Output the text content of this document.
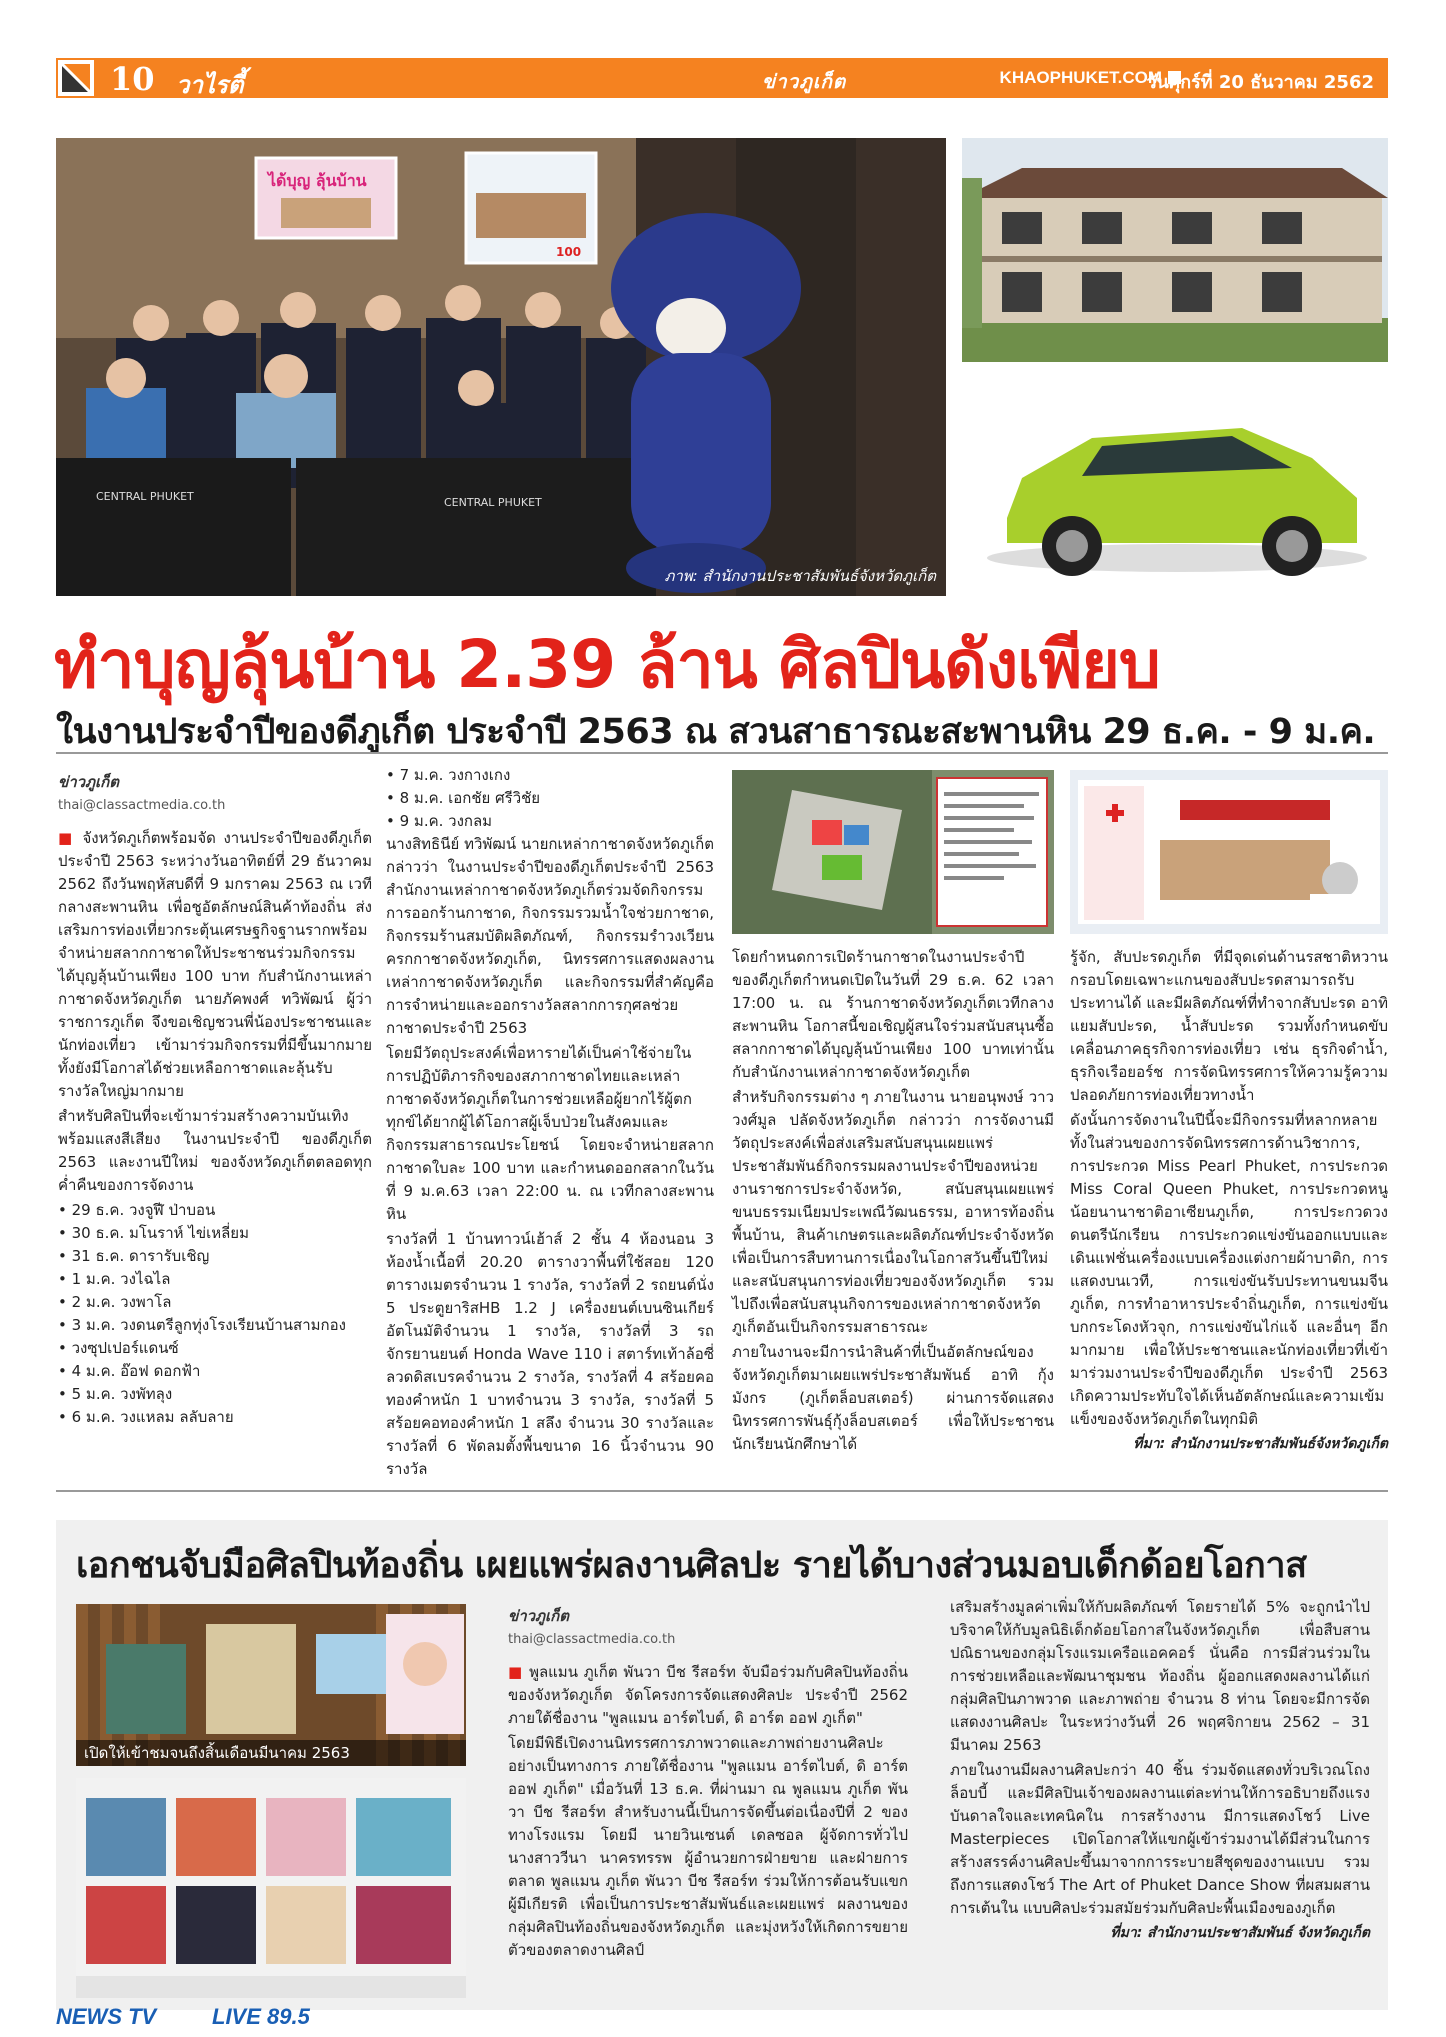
10 วาไรตี้	ข่าวภูเก็ต	KHAOPHUKET.COM
วันศุกร์ที่ 20 ธันวาคม 2562
CENTRAL PHUKET	CENTRAL PHUKET
ได้บุญ ลุ้นบ้าน
100
ภาพ: สำนักงานประชาสัมพันธ์จังหวัดภูเก็ต
ทำบุญลุ้นบ้าน 2.39 ล้าน ศิลปินดังเพียบ
ในงานประจำปีของดีภูเก็ต ประจำปี 2563 ณ สวนสาธารณะสะพานหิน 29 ธ.ค. - 9 ม.ค.
ข่าวภูเก็ต
thai@classactmedia.co.th

■ จังหวัดภูเก็ตพร้อมจัด งานประจำปีของดีภูเก็ต ประจำปี 2563 ระหว่างวันอาทิตย์ที่ 29 ธันวาคม 2562 ถึงวันพฤหัสบดีที่ 9 มกราคม 2563 ณ เวทีกลางสะพานหิน เพื่อชูอัตลักษณ์สินค้าท้องถิ่น ส่งเสริมการท่องเที่ยวกระตุ้นเศรษฐกิจฐานรากพร้อมจำหน่ายสลากกาชาดให้ประชาชนร่วมกิจกรรม ได้บุญลุ้นบ้านเพียง 100 บาท กับสำนักงานเหล่ากาชาดจังหวัดภูเก็ต นายภัคพงศ์ ทวิพัฒน์ ผู้ว่าราชการภูเก็ต จึงขอเชิญชวนพี่น้องประชาชนและนักท่องเที่ยว เข้ามาร่วมกิจกรรมที่มีขึ้นมากมาย ทั้งยังมีโอกาสได้ช่วยเหลือกาชาดและลุ้นรับรางวัลใหญ่มากมาย

สำหรับศิลปินที่จะเข้ามาร่วมสร้างความบันเทิงพร้อมแสงสีเสียง ในงานประจำปี ของดีภูเก็ต 2563 และงานปีใหม่ ของจังหวัดภูเก็ตตลอดทุกค่ำคืนของการจัดงาน

• 29 ธ.ค. วงจูฬี ป่าบอน
• 30 ธ.ค. มโนราห์ ไข่เหลี่ยม
• 31 ธ.ค. ดารารับเชิญ
• 1 ม.ค. วงไฉไล
• 2 ม.ค. วงพาโล
• 3 ม.ค. วงดนตรีลูกทุ่งโรงเรียนบ้านสามกอง
• วงซุปเปอร์แดนซ์
• 4 ม.ค. อ๊อฟ ดอกฟ้า
• 5 ม.ค. วงพัทลุง
• 6 ม.ค. วงแหลม ลลับลาย
• 7 ม.ค. วงกางเกง
• 8 ม.ค. เอกชัย ศรีวิชัย
• 9 ม.ค. วงกลม

นางสิทธินีย์ ทวิพัฒน์ นายกเหล่ากาชาดจังหวัดภูเก็ต กล่าวว่า ในงานประจำปีของดีภูเก็ตประจำปี 2563 สำนักงานเหล่ากาชาดจังหวัดภูเก็ตร่วมจัดกิจกรรมการออกร้านกาชาด, กิจกรรมรวมน้ำใจช่วยกาชาด, กิจกรรมร้านสมบัติผลิตภัณฑ์, กิจกรรมรำวงเวียนครกกาชาดจังหวัดภูเก็ต, นิทรรศการแสดงผลงานเหล่ากาชาดจังหวัดภูเก็ต และกิจกรรมที่สำคัญคือการจำหน่ายและออกรางวัลสลากการกุศลช่วยกาชาดประจำปี 2563

โดยมีวัตถุประสงค์เพื่อหารายได้เป็นค่าใช้จ่ายในการปฏิบัติภารกิจของสภากาชาดไทยและเหล่ากาชาดจังหวัดภูเก็ตในการช่วยเหลือผู้ยากไร้ผู้ตกทุกข์ได้ยากผู้ได้โอกาสผู้เจ็บป่วยในสังคมและกิจกรรมสาธารณประโยชน์ โดยจะจำหน่ายสลากกาชาดใบละ 100 บาท และกำหนดออกสลากในวันที่ 9 ม.ค.63 เวลา 22:00 น. ณ เวทีกลางสะพานหิน

รางวัลที่ 1 บ้านทาวน์เฮ้าส์ 2 ชั้น 4 ห้องนอน 3 ห้องน้ำเนื้อที่ 20.20 ตารางวาพื้นที่ใช้สอย 120 ตารางเมตรจำนวน 1 รางวัล, รางวัลที่ 2 รถยนต์นั่ง 5 ประตูยาริสHB 1.2 J เครื่องยนต์เบนซินเกียร์อัตโนมัติจำนวน 1 รางวัล, รางวัลที่ 3 รถจักรยานยนต์ Honda Wave 110 i สตาร์ทเท้าล้อซี่ลวดดิสเบรคจำนวน 2 รางวัล, รางวัลที่ 4 สร้อยคอทองคำหนัก 1 บาทจำนวน 3 รางวัล, รางวัลที่ 5 สร้อยคอทองคำหนัก 1 สลึง จำนวน 30 รางวัลและรางวัลที่ 6 พัดลมตั้งพื้นขนาด 16 นิ้วจำนวน 90 รางวัล

โดยกำหนดการเปิดร้านกาชาดในงานประจำปีของดีภูเก็ตกำหนดเปิดในวันที่ 29 ธ.ค. 62 เวลา 17:00 น. ณ ร้านกาชาดจังหวัดภูเก็ตเวทีกลางสะพานหิน โอกาสนี้ขอเชิญผู้สนใจร่วมสนับสนุนซื้อสลากกาชาดได้บุญลุ้นบ้านเพียง 100 บาทเท่านั้น กับสำนักงานเหล่ากาชาดจังหวัดภูเก็ต

สำหรับกิจกรรมต่าง ๆ ภายในงาน นายอนุพงษ์ วาววงศ์มูล ปลัดจังหวัดภูเก็ต กล่าวว่า การจัดงานมีวัตถุประสงค์เพื่อส่งเสริมสนับสนุนเผยแพร่ประชาสัมพันธ์กิจกรรมผลงานประจำปีของหน่วยงานราชการประจำจังหวัด, สนับสนุนเผยแพร่ขนบธรรมเนียมประเพณีวัฒนธรรม, อาหารท้องถิ่นพื้นบ้าน, สินค้าเกษตรและผลิตภัณฑ์ประจำจังหวัด เพื่อเป็นการสืบทานการเนื่องในโอกาสวันขึ้นปีใหม่และสนับสนุนการท่องเที่ยวของจังหวัดภูเก็ต รวมไปถึงเพื่อสนับสนุนกิจการของเหล่ากาชาดจังหวัดภูเก็ตอันเป็นกิจกรรมสาธารณะ

ภายในงานจะมีการนำสินค้าที่เป็นอัตลักษณ์ของจังหวัดภูเก็ตมาเผยแพร่ประชาสัมพันธ์ อาทิ กุ้งมังกร (ภูเก็ตล็อบสเตอร์) ผ่านการจัดแสดงนิทรรศการพันธุ์กุ้งล็อบสเตอร์ เพื่อให้ประชาชนนักเรียนนักศึกษาได้

รู้จัก, สับปะรดภูเก็ต ที่มีจุดเด่นด้านรสชาติหวานกรอบโดยเฉพาะแกนของสับปะรดสามารถรับประทานได้ และมีผลิตภัณฑ์ที่ทำจากสับปะรด อาทิ แยมสับปะรด, น้ำสับปะรด รวมทั้งกำหนดขับเคลื่อนภาคธุรกิจการท่องเที่ยว เช่น ธุรกิจดำน้ำ, ธุรกิจเรือยอร์ช การจัดนิทรรศการให้ความรู้ความปลอดภัยการท่องเที่ยวทางน้ำ

ดังนั้นการจัดงานในปีนี้จะมีกิจกรรมที่หลากหลาย ทั้งในส่วนของการจัดนิทรรศการด้านวิชาการ, การประกวด Miss Pearl Phuket, การประกวด Miss Coral Queen Phuket, การประกวดหนูน้อยนานาชาติอาเซียนภูเก็ต, การประกวดวงดนตรีนักเรียน การประกวดแข่งขันออกแบบและเดินแฟชั่นเครื่องแบบเครื่องแต่งกายผ้าบาติก, การแสดงบนเวที, การแข่งขันรับประทานขนมจีนภูเก็ต, การทำอาหารประจำถิ่นภูเก็ต, การแข่งขันบกกระโดงหัวจุก, การแข่งขันไก่แจ้ และอื่นๆ อีกมากมาย เพื่อให้ประชาชนและนักท่องเที่ยวที่เข้ามาร่วมงานประจำปีของดีภูเก็ต ประจำปี 2563 เกิดความประทับใจได้เห็นอัตลักษณ์และความเข้มแข็งของจังหวัดภูเก็ตในทุกมิติ

ที่มา: สำนักงานประชาสัมพันธ์จังหวัดภูเก็ต

เอกชนจับมือศิลปินท้องถิ่น เผยแพร่ผลงานศิลปะ รายได้บางส่วนมอบเด็กด้อยโอกาส
เปิดให้เข้าชมจนถึงสิ้นเดือนมีนาคม 2563
ข่าวภูเก็ต
thai@classactmedia.co.th

■ พูลแมน ภูเก็ต พันวา บีช รีสอร์ท จับมือร่วมกับศิลปินท้องถิ่นของจังหวัดภูเก็ต จัดโครงการจัดแสดงศิลปะ ประจำปี 2562 ภายใต้ชื่องาน "พูลแมน อาร์ตไบต์, ดิ อาร์ต ออฟ ภูเก็ต"

โดยมีพิธีเปิดงานนิทรรศการภาพวาดและภาพถ่ายงานศิลปะอย่างเป็นทางการ ภายใต้ชื่องาน "พูลแมน อาร์ตไบต์, ดิ อาร์ต ออฟ ภูเก็ต" เมื่อวันที่ 13 ธ.ค. ที่ผ่านมา ณ พูลแมน ภูเก็ต พันวา บีช รีสอร์ท สำหรับงานนี้เป็นการจัดขึ้นต่อเนื่องปีที่ 2 ของทางโรงแรม โดยมี นายวินเซนต์ เดลซอล ผู้จัดการทั่วไป นางสาววีนา นาครทรรพ ผู้อำนวยการฝ่ายขาย และฝ่ายการตลาด พูลแมน ภูเก็ต พันวา บีช รีสอร์ท ร่วมให้การต้อนรับแขกผู้มีเกียรติ เพื่อเป็นการประชาสัมพันธ์และเผยแพร่ ผลงานของกลุ่มศิลปินท้องถิ่นของจังหวัดภูเก็ต และมุ่งหวังให้เกิดการขยายตัวของตลาดงานศิลป์

เสริมสร้างมูลค่าเพิ่มให้กับผลิตภัณฑ์ โดยรายได้ 5% จะถูกนำไปบริจาคให้กับมูลนิธิเด็กด้อยโอกาสในจังหวัดภูเก็ต เพื่อสืบสานปณิธานของกลุ่มโรงแรมเครือแอคคอร์ นั่นคือ การมีส่วนร่วมในการช่วยเหลือและพัฒนาชุมชน ท้องถิ่น ผู้ออกแสดงผลงานได้แก่ กลุ่มศิลปินภาพวาด และภาพถ่าย จำนวน 8 ท่าน โดยจะมีการจัดแสดงงานศิลปะ ในระหว่างวันที่ 26 พฤศจิกายน 2562 – 31 มีนาคม 2563

ภายในงานมีผลงานศิลปะกว่า 40 ชิ้น ร่วมจัดแสดงทั่วบริเวณโถงล็อบบี้ และมีศิลปินเจ้าของผลงานแต่ละท่านให้การอธิบายถึงแรงบันดาลใจและเทคนิคใน การสร้างงาน มีการแสดงโชว์ Live Masterpieces เปิดโอกาสให้แขกผู้เข้าร่วมงานได้มีส่วนในการสร้างสรรค์งานศิลปะขึ้นมาจากการระบายสีชุดของงานแบบ รวมถึงการแสดงโชว์ The Art of Phuket Dance Show ที่ผสมผสานการเต้นใน แบบศิลปะร่วมสมัยร่วมกับศิลปะพื้นเมืองของภูเก็ต

ที่มา: สำนักงานประชาสัมพันธ์ จังหวัดภูเก็ต

NEWS TV	LIVE 89.5
